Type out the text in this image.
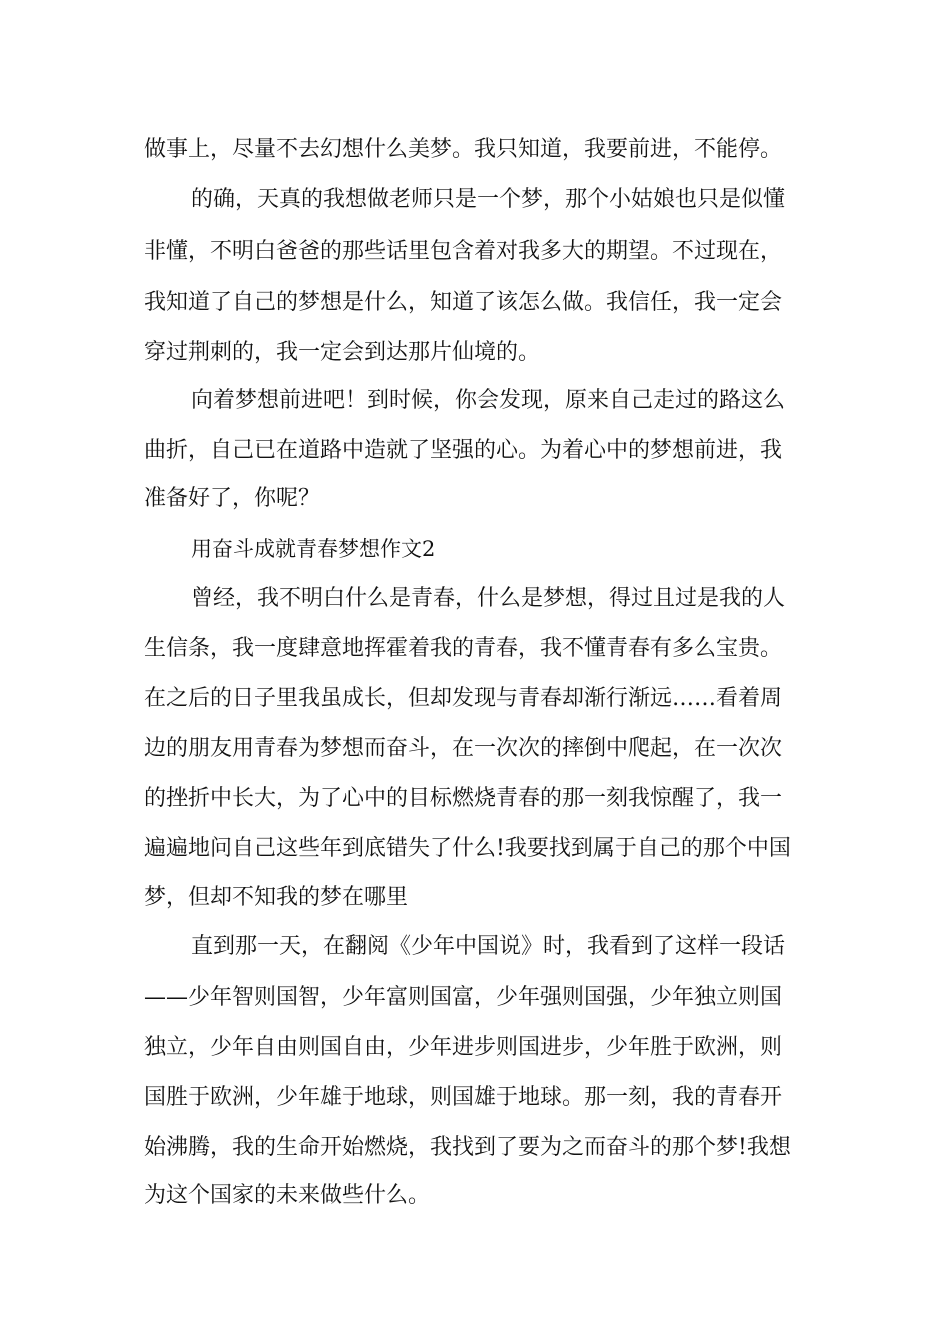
做事上，尽量不去幻想什么美梦。我只知道，我要前进，不能停。
的确，天真的我想做老师只是一个梦，那个小姑娘也只是似懂
非懂，不明白爸爸的那些话里包含着对我多大的期望。不过现在，
我知道了自己的梦想是什么，知道了该怎么做。我信任，我一定会
穿过荆刺的，我一定会到达那片仙境的。
向着梦想前进吧！到时候，你会发现，原来自己走过的路这么
曲折，自己已在道路中造就了坚强的心。为着心中的梦想前进，我
准备好了，你呢？
用奋斗成就青春梦想作文2
曾经，我不明白什么是青春，什么是梦想，得过且过是我的人
生信条，我一度肆意地挥霍着我的青春，我不懂青春有多么宝贵。
在之后的日子里我虽成长，但却发现与青春却渐行渐远……看着周
边的朋友用青春为梦想而奋斗，在一次次的摔倒中爬起，在一次次
的挫折中长大，为了心中的目标燃烧青春的那一刻我惊醒了，我一
遍遍地问自己这些年到底错失了什么!我要找到属于自己的那个中国
梦，但却不知我的梦在哪里
直到那一天，在翻阅《少年中国说》时，我看到了这样一段话
——少年智则国智，少年富则国富，少年强则国强，少年独立则国
独立，少年自由则国自由，少年进步则国进步，少年胜于欧洲，则
国胜于欧洲，少年雄于地球，则国雄于地球。那一刻，我的青春开
始沸腾，我的生命开始燃烧，我找到了要为之而奋斗的那个梦!我想
为这个国家的未来做些什么。
